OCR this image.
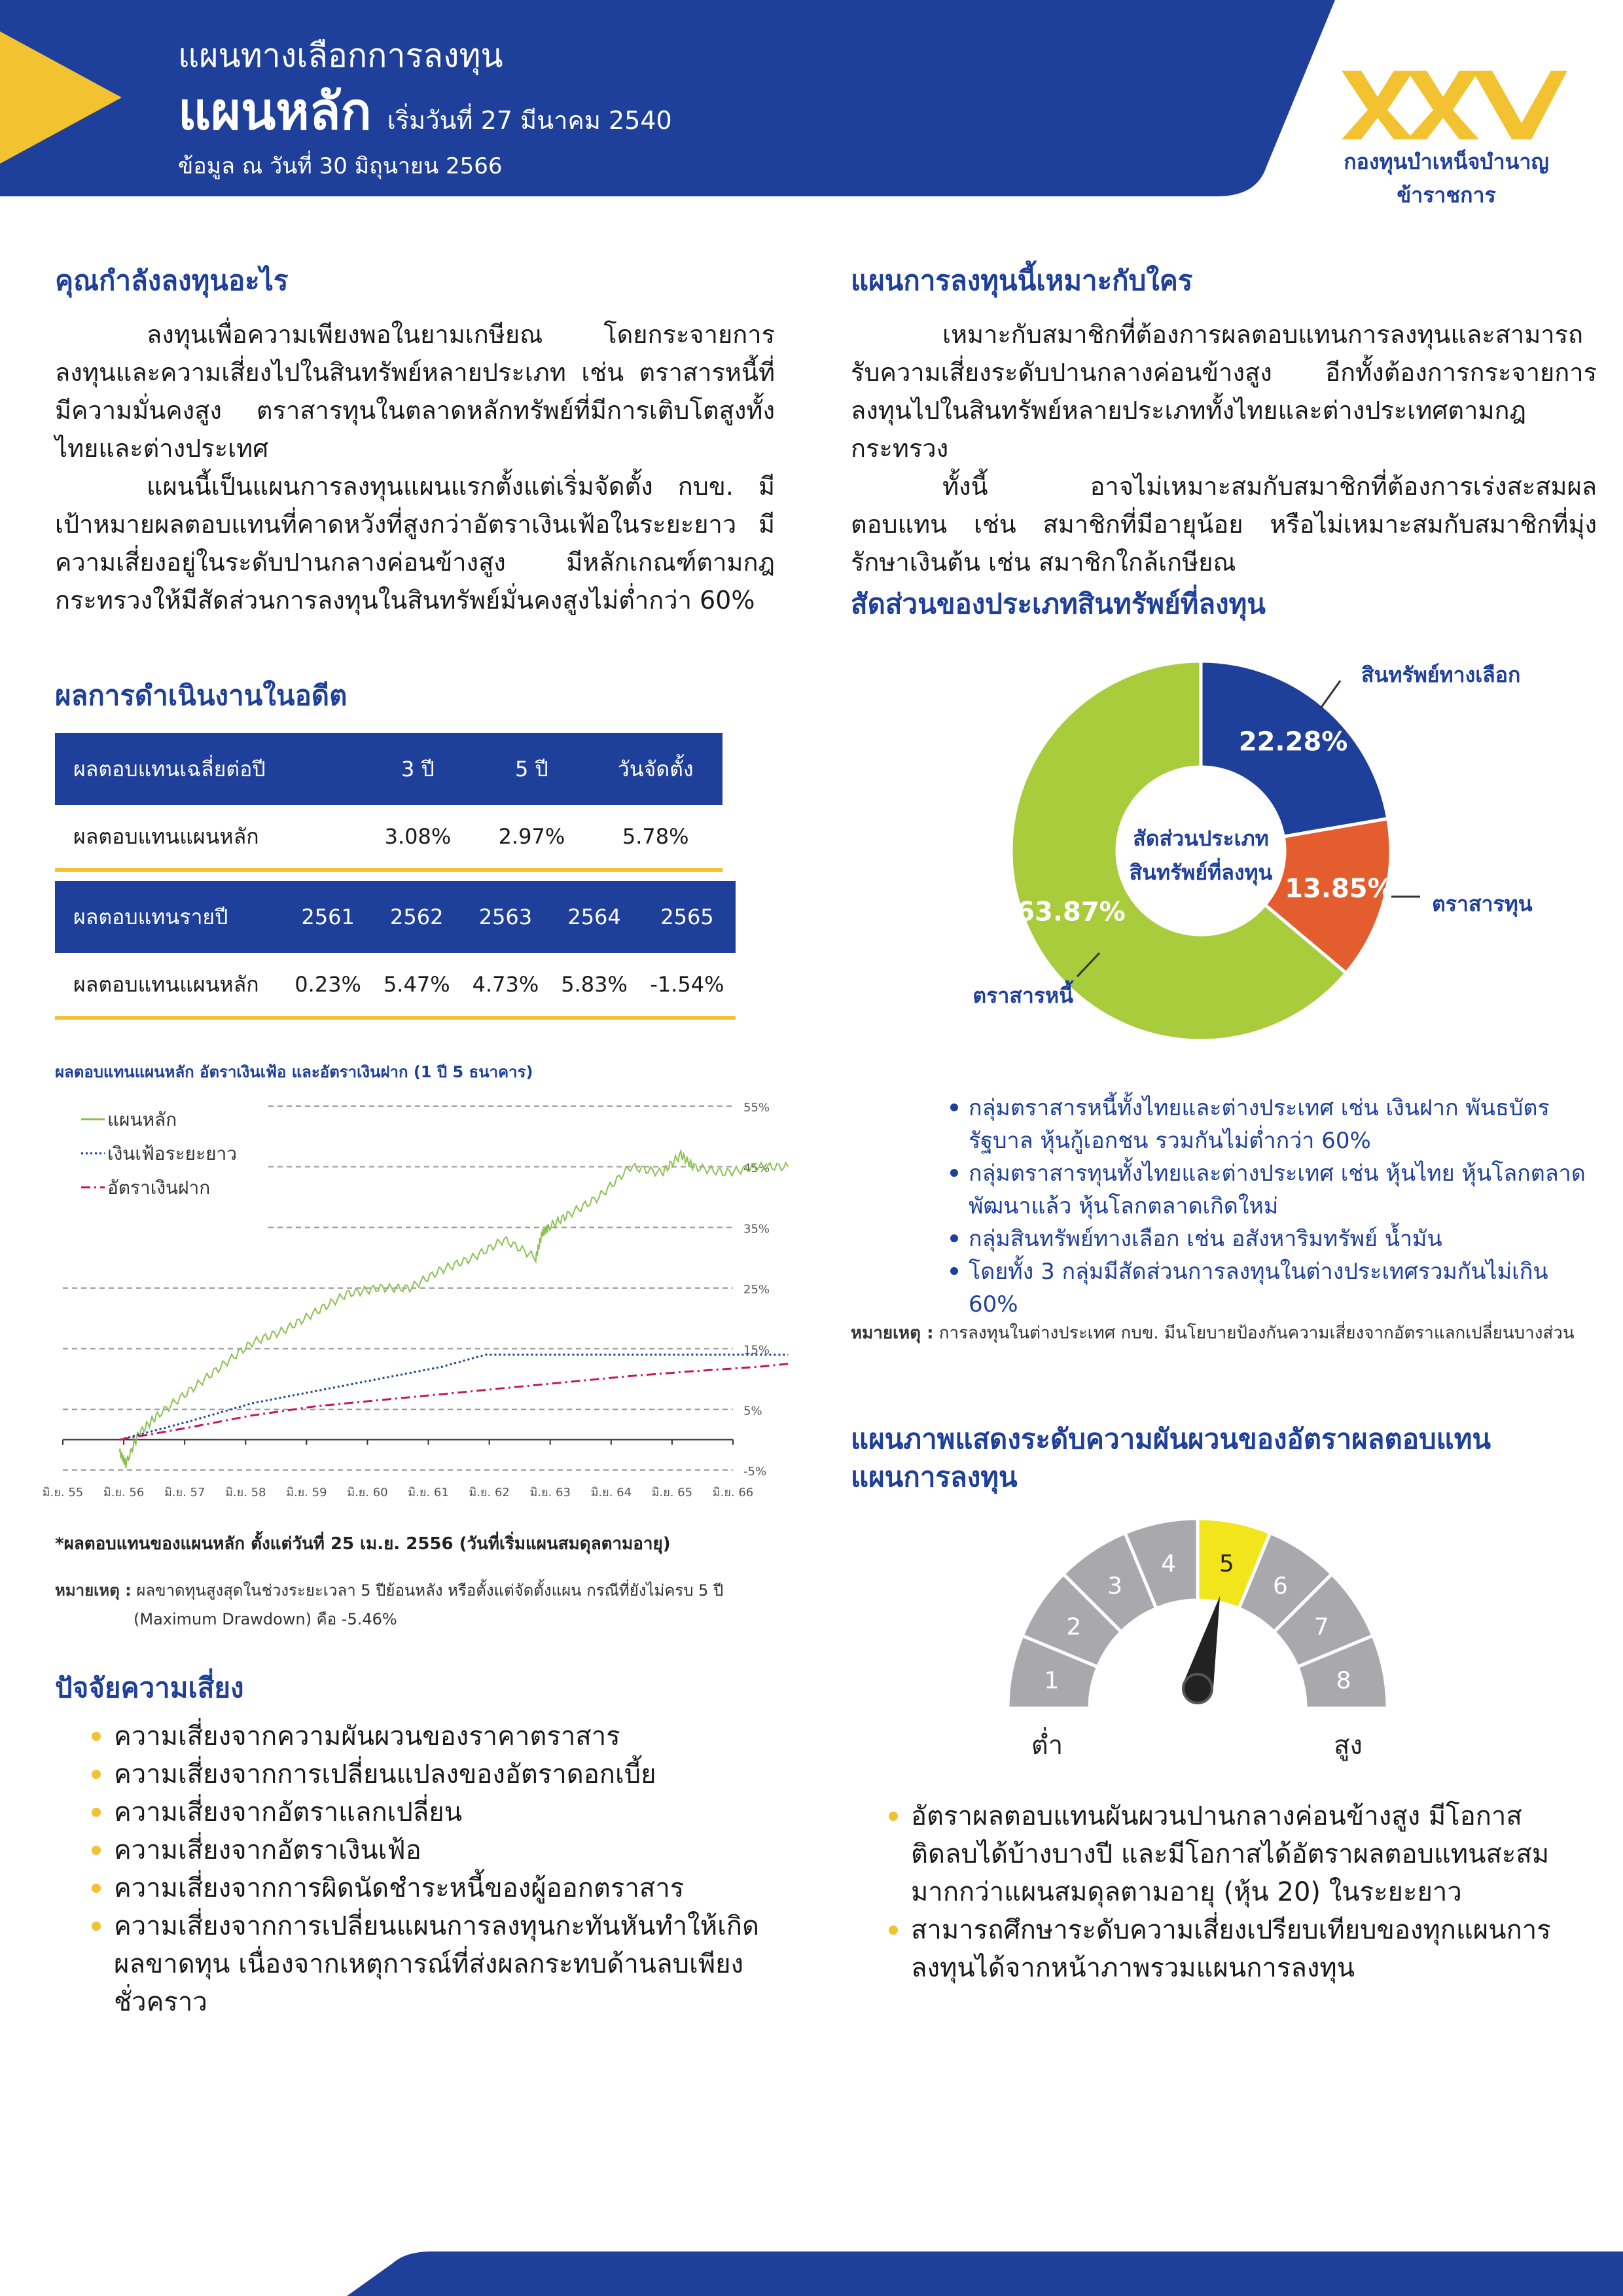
แผนทางเลือกการลงทุน
แผนหลัก เริ่มวันที่ 27 มีนาคม 2540
ข้อมูล ณ วันที่ 30 มิถุนายน 2566	กองทุนบำเหน็จบำนาญข้าราชการ
คุณกำลังลงทุนอะไร

ลงทุนเพื่อความเพียงพอในยามเกษียณ โดยกระจายการลงทุนและความเสี่ยงไปในสินทรัพย์หลายประเภท เช่น ตราสารหนี้ที่มีความมั่นคงสูง ตราสารทุนในตลาดหลักทรัพย์ที่มีการเติบโตสูงทั้งไทยและต่างประเทศ

แผนนี้เป็นแผนการลงทุนแผนแรกตั้งแต่เริ่มจัดตั้ง กบข. มีเป้าหมายผลตอบแทนที่คาดหวังที่สูงกว่าอัตราเงินเฟ้อในระยะยาว มีความเสี่ยงอยู่ในระดับปานกลางค่อนข้างสูง มีหลักเกณฑ์ตามกฎกระทรวงให้มีสัดส่วนการลงทุนในสินทรัพย์มั่นคงสูงไม่ต่ำกว่า 60%

แผนการลงทุนนี้เหมาะกับใคร

เหมาะกับสมาชิกที่ต้องการผลตอบแทนการลงทุนและสามารถรับความเสี่ยงระดับปานกลางค่อนข้างสูง อีกทั้งต้องการกระจายการลงทุนไปในสินทรัพย์หลายประเภททั้งไทยและต่างประเทศตามกฎกระทรวง

ทั้งนี้ อาจไม่เหมาะสมกับสมาชิกที่ต้องการเร่งสะสมผลตอบแทน เช่น สมาชิกที่มีอายุน้อย หรือไม่เหมาะสมกับสมาชิกที่มุ่งรักษาเงินต้น เช่น สมาชิกใกล้เกษียณ

ผลการดำเนินงานในอดีต
ผลตอบแทนเฉลี่ยต่อปี	3 ปี	5 ปี	วันจัดตั้ง
ผลตอบแทนแผนหลัก	3.08%	2.97%	5.78%
ผลตอบแทนรายปี	2561	2562	2563	2564	2565
ผลตอบแทนแผนหลัก	0.23%	5.47%	4.73%	5.83%	-1.54%
ผลตอบแทนแผนหลัก อัตราเงินเฟ้อ และอัตราเงินฝาก (1 ปี 5 ธนาคาร)
55%
45%
35%
25%
15%
5%
-5%
มิ.ย. 55 มิ.ย. 56 มิ.ย. 57 มิ.ย. 58 มิ.ย. 59 มิ.ย. 60 มิ.ย. 61 มิ.ย. 62 มิ.ย. 63 มิ.ย. 64 มิ.ย. 65 มิ.ย. 66
แผนหลัก
เงินเฟ้อระยะยาว
อัตราเงินฝาก
*ผลตอบแทนของแผนหลัก ตั้งแต่วันที่ 25 เม.ย. 2556 (วันที่เริ่มแผนสมดุลตามอายุ)
หมายเหตุ : ผลขาดทุนสูงสุดในช่วงระยะเวลา 5 ปีย้อนหลัง หรือตั้งแต่จัดตั้งแผน กรณีที่ยังไม่ครบ 5 ปี
(Maximum Drawdown) คือ -5.46%
ปัจจัยความเสี่ยง
ความเสี่ยงจากความผันผวนของราคาตราสาร
ความเสี่ยงจากการเปลี่ยนแปลงของอัตราดอกเบี้ย
ความเสี่ยงจากอัตราแลกเปลี่ยน
ความเสี่ยงจากอัตราเงินเฟ้อ
ความเสี่ยงจากการผิดนัดชำระหนี้ของผู้ออกตราสาร
ความเสี่ยงจากการเปลี่ยนแผนการลงทุนกะทันหันทำให้เกิดผลขาดทุน เนื่องจากเหตุการณ์ที่ส่งผลกระทบด้านลบเพียงชั่วคราว
สัดส่วนของประเภทสินทรัพย์ที่ลงทุน
22.28%
สินทรัพย์ทางเลือก
13.85% ตราสารทุน
63.87%
ตราสารหนี้
สัดส่วนประเภท
สินทรัพย์ที่ลงทุน
กลุ่มตราสารหนี้ทั้งไทยและต่างประเทศ เช่น เงินฝาก พันธบัตรรัฐบาล หุ้นกู้เอกชน รวมกันไม่ต่ำกว่า 60%
กลุ่มตราสารทุนทั้งไทยและต่างประเทศ เช่น หุ้นไทย หุ้นโลกตลาดพัฒนาแล้ว หุ้นโลกตลาดเกิดใหม่
กลุ่มสินทรัพย์ทางเลือก เช่น อสังหาริมทรัพย์ น้ำมัน
โดยทั้ง 3 กลุ่มมีสัดส่วนการลงทุนในต่างประเทศรวมกันไม่เกิน 60%
หมายเหตุ : การลงทุนในต่างประเทศ กบข. มีนโยบายป้องกันความเสี่ยงจากอัตราแลกเปลี่ยนบางส่วน
แผนภาพแสดงระดับความผันผวนของอัตราผลตอบแทน
แผนการลงทุน
1
2
3
4 5
6
7
8
ต่ำ	สูง
อัตราผลตอบแทนผันผวนปานกลางค่อนข้างสูง มีโอกาสติดลบได้บ้างบางปี และมีโอกาสได้อัตราผลตอบแทนสะสมมากกว่าแผนสมดุลตามอายุ (หุ้น 20) ในระยะยาว
สามารถศึกษาระดับความเสี่ยงเปรียบเทียบของทุกแผนการลงทุนได้จากหน้าภาพรวมแผนการลงทุน
